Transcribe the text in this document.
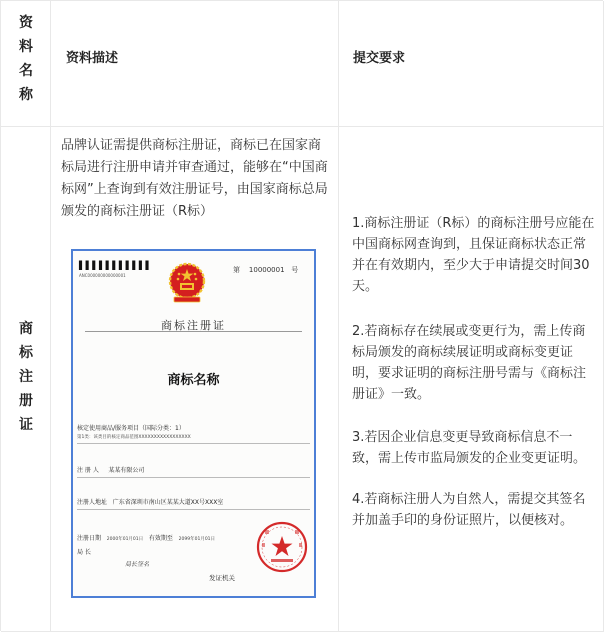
资
料
名
称
资料描述	提交要求
商
标
注
册
证
品牌认证需提供商标注册证，商标已在国家商标局进行注册申请并审查通过，能够在“中国商标网”上查询到有效注册证号，由国家商标总局颁发的商标注册证（R标）
▌▌▌▌▌▌▌▌▌▌▌
ANC000000000000001
第 10000001 号
商标注册证
商标名称
核定使用商品/服务项目（国际分类：1）
第1类：该类目的核定商品范围XXXXXXXXXXXXXXXXX
注 册 人 某某有限公司
注册人地址 广东省深圳市南山区某某大道XX号XXX室
注册日期 2000年01月01日 有效期至 2099年01月01日
局 长
局长签名
发证机关
1.商标注册证（R标）的商标注册号应能在中国商标网查询到，且保证商标状态正常并在有效期内，至少大于申请提交时间30天。
2.若商标存在续展或变更行为，需上传商标局颁发的商标续展证明或商标变更证明，要求证明的商标注册号需与《商标注册证》一致。
3.若因企业信息变更导致商标信息不一致，需上传市监局颁发的企业变更证明。
4.若商标注册人为自然人，需提交其签名并加盖手印的身份证照片，以便核对。
